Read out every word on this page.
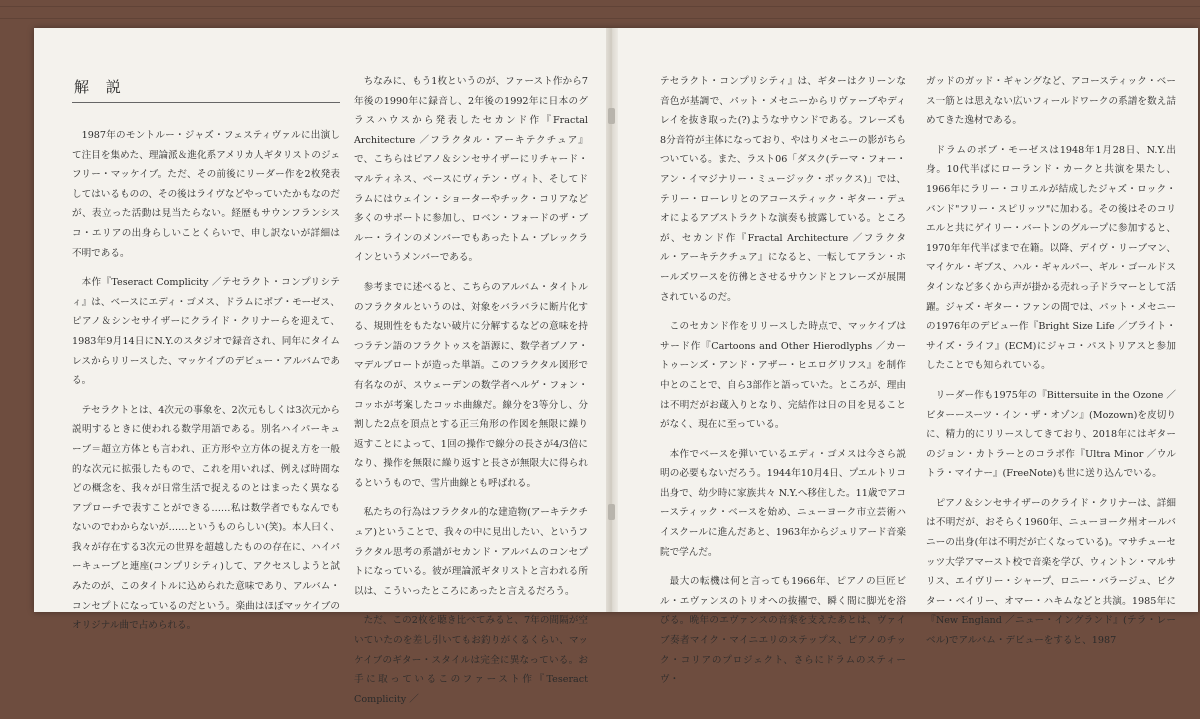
解 説

1987年のモントルー・ジャズ・フェスティヴァルに出演して注目を集めた、理論派＆進化系アメリカ人ギタリストのジェフリー・マッケイブ。ただ、その前後にリーダー作を2枚発表してはいるものの、その後はライヴなどやっていたかもなのだが、表立った活動は見当たらない。経歴もサウンフランシスコ・エリアの出身らしいことくらいで、申し訳ないが詳細は不明である。

本作『Teseract Complicity ／テセラクト・コンプリシティ』は、ベースにエディ・ゴメス、ドラムにボブ・モーゼス、ピアノ＆シンセサイザーにクライド・クリナーらを迎えて、1983年9月14日にN.Y.のスタジオで録音され、同年にタイムレスからリリースした、マッケイブのデビュー・アルバムである。

テセラクトとは、4次元の事象を、2次元もしくは3次元から説明するときに使われる数学用語である。別名ハイパーキューブ＝超立方体とも言われ、正方形や立方体の捉え方を一般的な次元に拡張したもので、これを用いれば、例えば時間などの概念を、我々が日常生活で捉えるのとはまったく異なるアプローチで表すことができる……私は数学者でもなんでもないのでわからないが……というものらしい(笑)。本人曰く、我々が存在する3次元の世界を超越したものの存在に、ハイパーキューブと連座(コンプリシティ)して、アクセスしようと試みたのが、このタイトルに込められた意味であり、アルバム・コンセプトになっているのだという。楽曲はほぼマッケイブのオリジナル曲で占められる。

ちなみに、もう1枚というのが、ファースト作から7年後の1990年に録音し、2年後の1992年に日本のグラスハウスから発表したセカンド作『Fractal Architecture ／フラクタル・アーキテクチュア』で、こちらはピアノ＆シンセサイザーにリチャード・マルティネス、ベースにヴィテン・ヴィト、そしてドラムにはウェイン・ショーターやチック・コリアなど多くのサポートに参加し、ロベン・フォードのザ・ブルー・ラインのメンバーでもあったトム・ブレックラインというメンバーである。

参考までに述べると、こちらのアルバム・タイトルのフラクタルというのは、対象をバラバラに断片化する、規則性をもたない破片に分解するなどの意味を持つラテン語のフラクトゥスを語源に、数学者ブノア・マデルブロートが造った単語。このフラクタル図形で有名なのが、スウェーデンの数学者ヘルゲ・フォン・コッホが考案したコッホ曲線だ。線分を3等分し、分割した2点を頂点とする正三角形の作図を無限に繰り返すことによって、1回の操作で線分の長さが4/3倍になり、操作を無限に繰り返すと長さが無限大に得られるというもので、雪片曲線とも呼ばれる。

私たちの行為はフラクタル的な建造物(アーキテクチュア)ということで、我々の中に見出したい、というフラクタル思考の系譜がセカンド・アルバムのコンセプトになっている。彼が理論派ギタリストと言われる所以は、こういったところにあったと言えるだろう。

ただ、この2枚を聴き比べてみると、7年の間隔が空いていたのを差し引いてもお釣りがくるくらい、マッケイブのギター・スタイルは完全に異なっている。お手に取っているこのファースト作『Teseract Complicity ／

テセラクト・コンプリシティ』は、ギターはクリーンな音色が基調で、パット・メセニーからリヴァーブやディレイを抜き取った(?)ようなサウンドである。フレーズも8分音符が主体になっており、やはりメセニーの影がちらついている。また、ラスト06「ダスク(テーマ・フォー・アン・イマジナリー・ミュージック・ボックス)」では、テリー・ローレリとのアコースティック・ギター・デュオによるアブストラクトな演奏も披露している。ところが、セカンド作『Fractal Architecture ／フラクタル・アーキテクチュア』になると、一転してアラン・ホールズワースを彷彿とさせるサウンドとフレーズが展開されているのだ。

このセカンド作をリリースした時点で、マッケイブはサード作『Cartoons and Other Hierodlyphs ／カートゥーンズ・アンド・アザー・ヒエログリフス』を制作中とのことで、自ら3部作と語っていた。ところが、理由は不明だがお蔵入りとなり、完結作は日の目を見ることがなく、現在に至っている。

本作でベースを弾いているエディ・ゴメスは今さら説明の必要もないだろう。1944年10月4日、プエルトリコ出身で、幼少時に家族共々 N.Y.へ移住した。11歳でアコースティック・ベースを始め、ニューヨーク市立芸術ハイスクールに進んだあと、1963年からジュリアード音楽院で学んだ。

最大の転機は何と言っても1966年、ピアノの巨匠ビル・エヴァンスのトリオへの抜擢で、瞬く間に脚光を浴びる。晩年のエヴァンスの音楽を支えたあとは、ヴァイブ奏者マイク・マイニエリのステップス、ピアノのチック・コリアのプロジェクト、さらにドラムのスティーヴ・

ガッドのガッド・ギャングなど、アコースティック・ベース一筋とは思えない広いフィールドワークの系譜を数え詰めてきた逸材である。

ドラムのボブ・モーゼスは1948年1月28日、N.Y.出身。10代半ばにローランド・カークと共演を果たし、1966年にラリー・コリエルが結成したジャズ・ロック・バンド"フリー・スピリッツ"に加わる。その後はそのコリエルと共にゲイリー・バートンのグループに参加すると、1970年年代半ばまで在籍。以降、デイヴ・リーブマン、マイケル・ギブス、ハル・ギャルパー、ギル・ゴールドスタインなど多くから声が掛かる売れっ子ドラマーとして活躍。ジャズ・ギター・ファンの間では、パット・メセニーの1976年のデビュー作『Bright Size Life ／ブライト・サイズ・ライフ』(ECM)にジャコ・パストリアスと参加したことでも知られている。

リーダー作も1975年の『Bittersuite in the Ozone ／ビターースーツ・イン・ザ・オゾン』(Mozown)を皮切りに、精力的にリリースしてきており、2018年にはギターのジョン・カトラーとのコラボ作『Ultra Minor ／ウルトラ・マイナー』(FreeNote)も世に送り込んでいる。

ピアノ＆シンセサイザーのクライド・クリナーは、詳細は不明だが、おそらく1960年、ニューヨーク州オールバニーの出身(年は不明だが亡くなっている)。マサチューセッツ大学アマースト校で音楽を学び、ウィントン・マルサリス、エイヴリー・シャープ、ロニー・バラージュ、ビクター・ベイリー、オマー・ハキムなどと共演。1985年に『New England ／ニュー・イングランド』(テラ・レーベル)でアルバム・デビューをすると、1987
